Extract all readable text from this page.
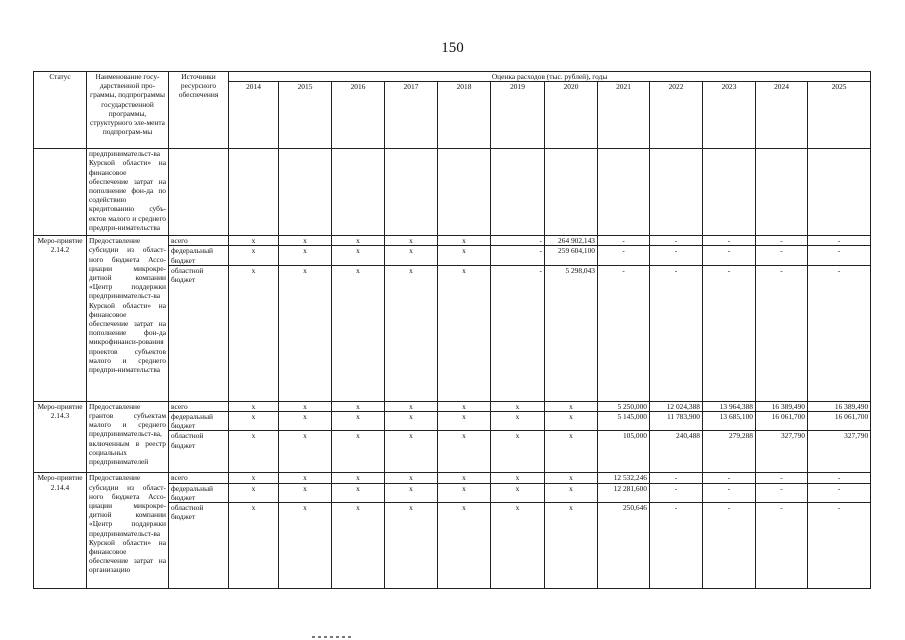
150
Статус	Наименование госу-дарственной про-граммы, подпрограммы государственной программы, структурного эле-мента подпрограм-мы	Источники ресурсного обеспечения	Оценка расходов (тыс. рублей), годы											
			2014	2015	2016	2017	2018	2019	2020	2021	2022	2023	2024	2025
	предпринимательст-ва Курской области» на финансовое обеспечение затрат на пополнение фон-да по содействию кредитованию субъ-ектов малого и среднего предпри-нимательства													
Меро-приятие 2.14.2	Предоставление субсидии из област-ного бюджета Ассо-циации микрокре-дитной компании «Центр поддержки предпринимательст-ва Курской области» на финансовое обеспечение затрат на пополнение фон-да микрофинанси-рования проектов субъектов малого и среднего предпри-нимательства	всего	x	x	x	x	x	-	264 902,143	-	-	-	-	-
		федеральный бюджет	x	x	x	x	x	-	259 604,100	-	-	-	-	-
		областной бюджет	x	x	x	x	x	-	5 298,043	-	-	-	-	-
Меро-приятие 2.14.3	Предоставление грантов субъектам малого и среднего предпринимательст-ва, включенным в реестр социальных предпринимателей	всего	x	x	x	x	x	x	x	5 250,000	12 024,388	13 964,388	16 389,490	16 389,490
		федеральный бюджет	x	x	x	x	x	x	x	5 145,000	11 783,900	13 685,100	16 061,700	16 061,700
		областной бюджет	x	x	x	x	x	x	x	105,000	240,488	279,288	327,790	327,790
Меро-приятие 2.14.4	Предоставление субсидии из област-ного бюджета Ассо-циации микрокре-дитной компании «Центр поддержки предпринимательст-ва Курской области» на финансовое обеспечение затрат на организацию	всего	x	x	x	x	x	x	x	12 532,246	-	-	-	-
		федеральный бюджет	x	x	x	x	x	x	x	12 281,600	-	-	-	-
		областной бюджет	x	x	x	x	x	x	x	250,646	-	-	-	-
